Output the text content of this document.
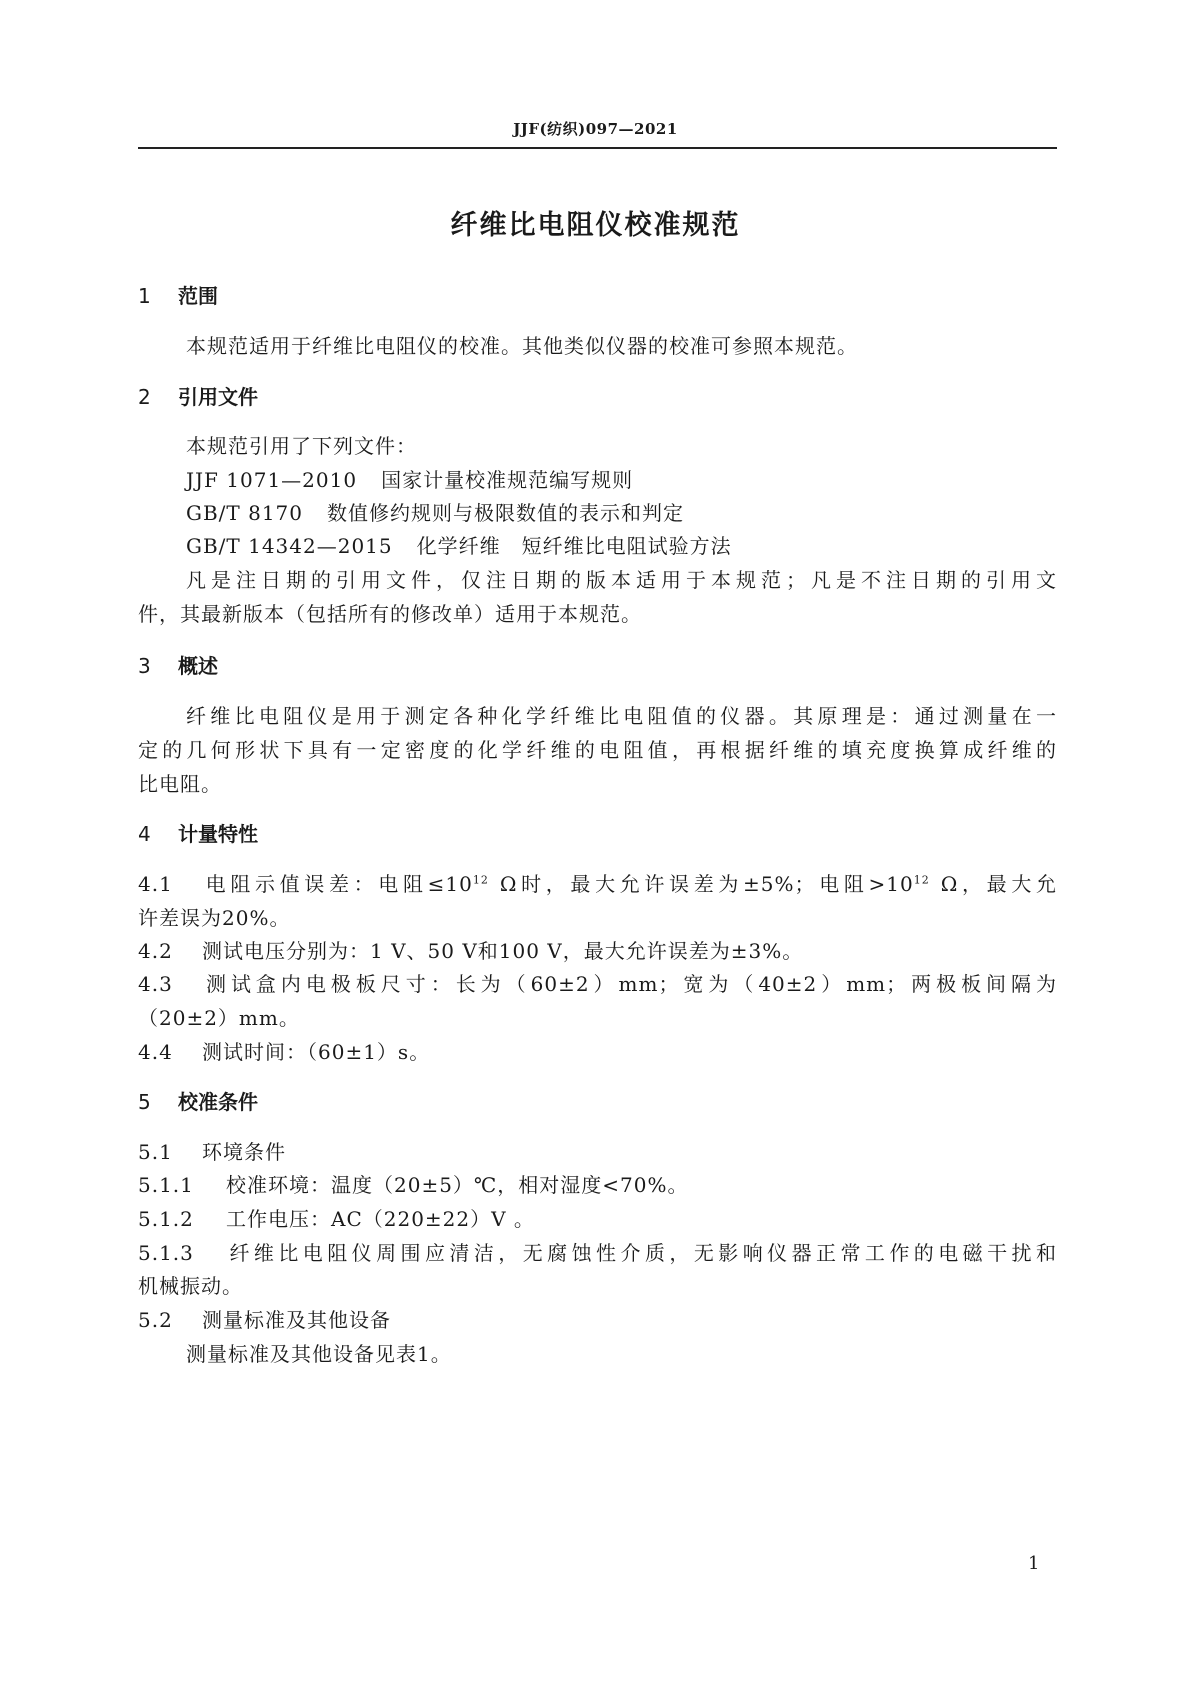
JJF(纺织)097—2021
纤维比电阻仪校准规范
1 范围
本规范适用于纤维比电阻仪的校准。其他类似仪器的校准可参照本规范。
2 引用文件
本规范引用了下列文件：
JJF 1071—2010 国家计量校准规范编写规则
GB/T 8170 数值修约规则与极限数值的表示和判定
GB/T 14342—2015 化学纤维　短纤维比电阻试验方法
凡是注日期的引用文件，仅注日期的版本适用于本规范；凡是不注日期的引用文
件，其最新版本（包括所有的修改单）适用于本规范。
3 概述
纤维比电阻仪是用于测定各种化学纤维比电阻值的仪器。其原理是：通过测量在一
定的几何形状下具有一定密度的化学纤维的电阻值，再根据纤维的填充度换算成纤维的
比电阻。
4 计量特性
4.1 电阻示值误差：电阻$\le 10^{12}$ Ω时，最大允许误差为±5%；电阻$>10^{12}$ Ω，最大允
许差误为20%。
4.2 测试电压分别为：1 V、50 V和100 V，最大允许误差为±3%。
4.3 测试盒内电极板尺寸：长为（60±2）mm；宽为（40±2）mm；两极板间隔为
（20±2）mm。
4.4 测试时间：（60±1）s。
5 校准条件
5.1 环境条件
5.1.1 校准环境：温度（20±5）℃，相对湿度<70%。
5.1.2 工作电压：AC（220±22）V 。
5.1.3 纤维比电阻仪周围应清洁，无腐蚀性介质，无影响仪器正常工作的电磁干扰和
机械振动。
5.2 测量标准及其他设备
测量标准及其他设备见表1。
1
